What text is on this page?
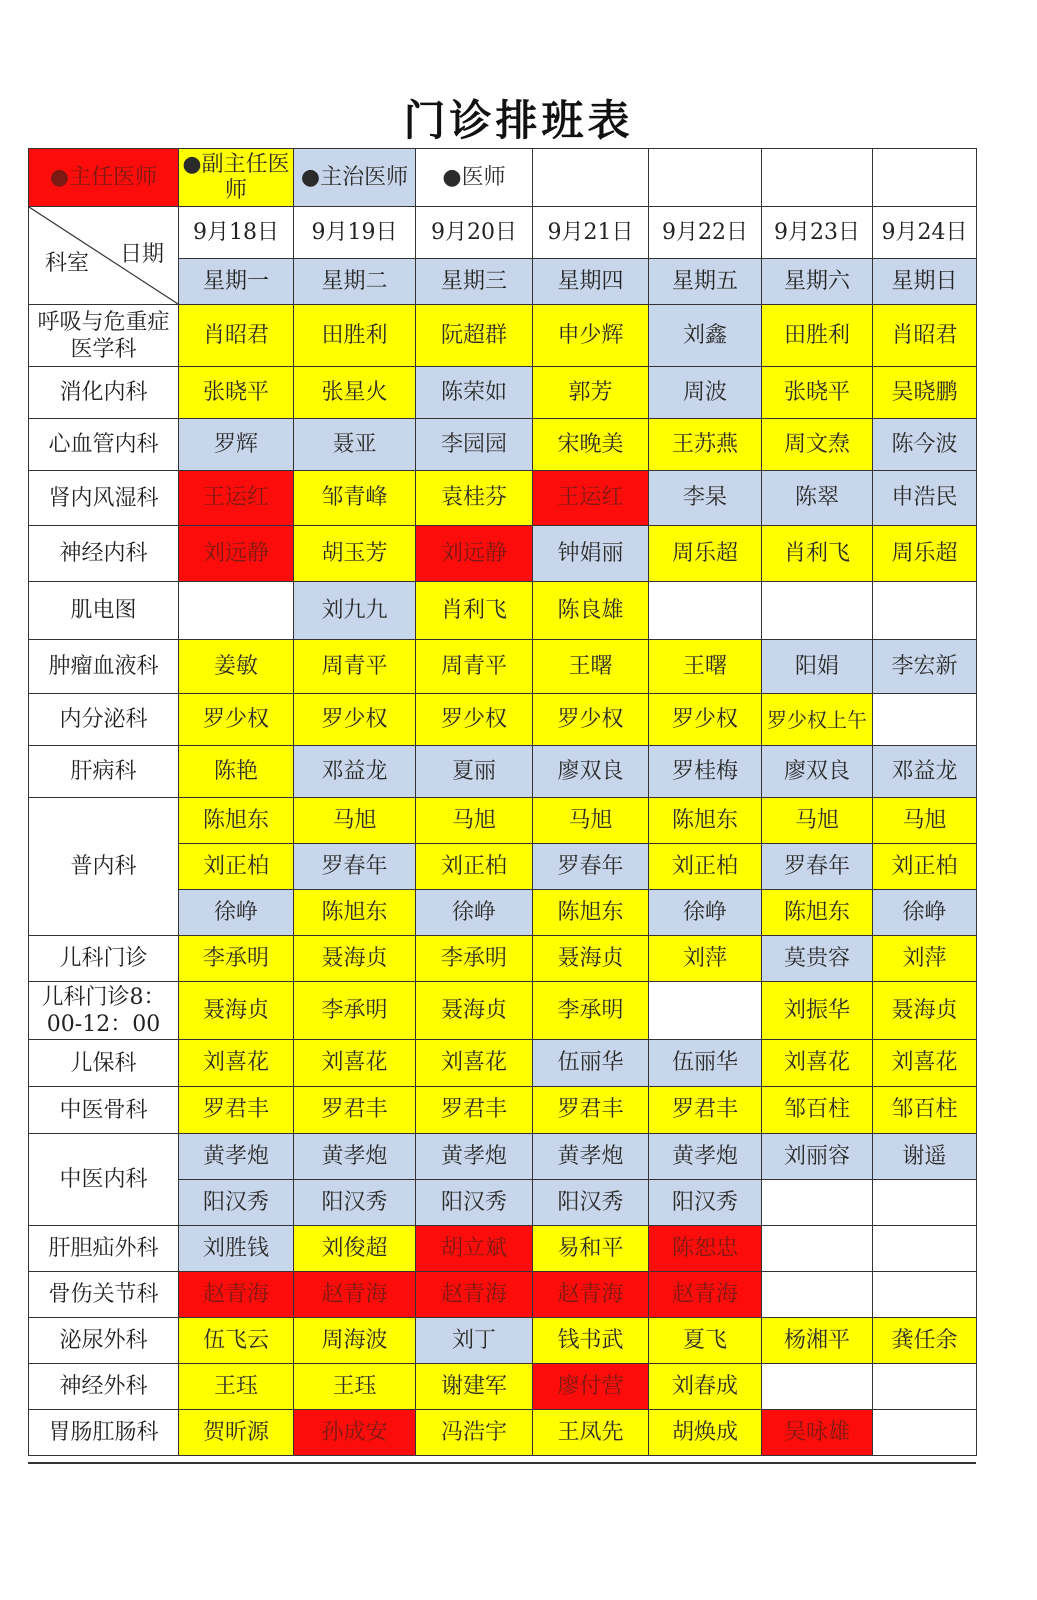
门诊排班表
●主任医师	●副主任医师	●主治医师	●医师				

科室 日期	9月18日	9月19日	9月20日	9月21日	9月22日	9月23日	9月24日
	星期一	星期二	星期三	星期四	星期五	星期六	星期日
呼吸与危重症医学科	肖昭君	田胜利	阮超群	申少辉	刘鑫	田胜利	肖昭君
消化内科	张晓平	张星火	陈荣如	郭芳	周波	张晓平	吴晓鹏
心血管内科	罗辉	聂亚	李园园	宋晚美	王苏燕	周文焘	陈今波
肾内风湿科	王运红	邹青峰	袁桂芬	王运红	李杲	陈翠	申浩民
神经内科	刘远静	胡玉芳	刘远静	钟娟丽	周乐超	肖利飞	周乐超
肌电图		刘九九	肖利飞	陈良雄			
肿瘤血液科	姜敏	周青平	周青平	王曙	王曙	阳娟	李宏新
内分泌科	罗少权	罗少权	罗少权	罗少权	罗少权	罗少权上午	
肝病科	陈艳	邓益龙	夏丽	廖双良	罗桂梅	廖双良	邓益龙
普内科	陈旭东	马旭	马旭	马旭	陈旭东	马旭	马旭
	刘正柏	罗春年	刘正柏	罗春年	刘正柏	罗春年	刘正柏
	徐峥	陈旭东	徐峥	陈旭东	徐峥	陈旭东	徐峥
儿科门诊	李承明	聂海贞	李承明	聂海贞	刘萍	莫贵容	刘萍
儿科门诊8：00-12：00	聂海贞	李承明	聂海贞	李承明		刘振华	聂海贞
儿保科	刘喜花	刘喜花	刘喜花	伍丽华	伍丽华	刘喜花	刘喜花
中医骨科	罗君丰	罗君丰	罗君丰	罗君丰	罗君丰	邹百柱	邹百柱
中医内科	黄孝炮	黄孝炮	黄孝炮	黄孝炮	黄孝炮	刘丽容	谢遥
	阳汉秀	阳汉秀	阳汉秀	阳汉秀	阳汉秀		
肝胆疝外科	刘胜钱	刘俊超	胡立斌	易和平	陈恕忠		
骨伤关节科	赵青海	赵青海	赵青海	赵青海	赵青海		
泌尿外科	伍飞云	周海波	刘丁	钱书武	夏飞	杨湘平	龚任余
神经外科	王珏	王珏	谢建军	廖付营	刘春成		
胃肠肛肠科	贺昕源	孙成安	冯浩宇	王凤先	胡焕成	吴咏雄	
